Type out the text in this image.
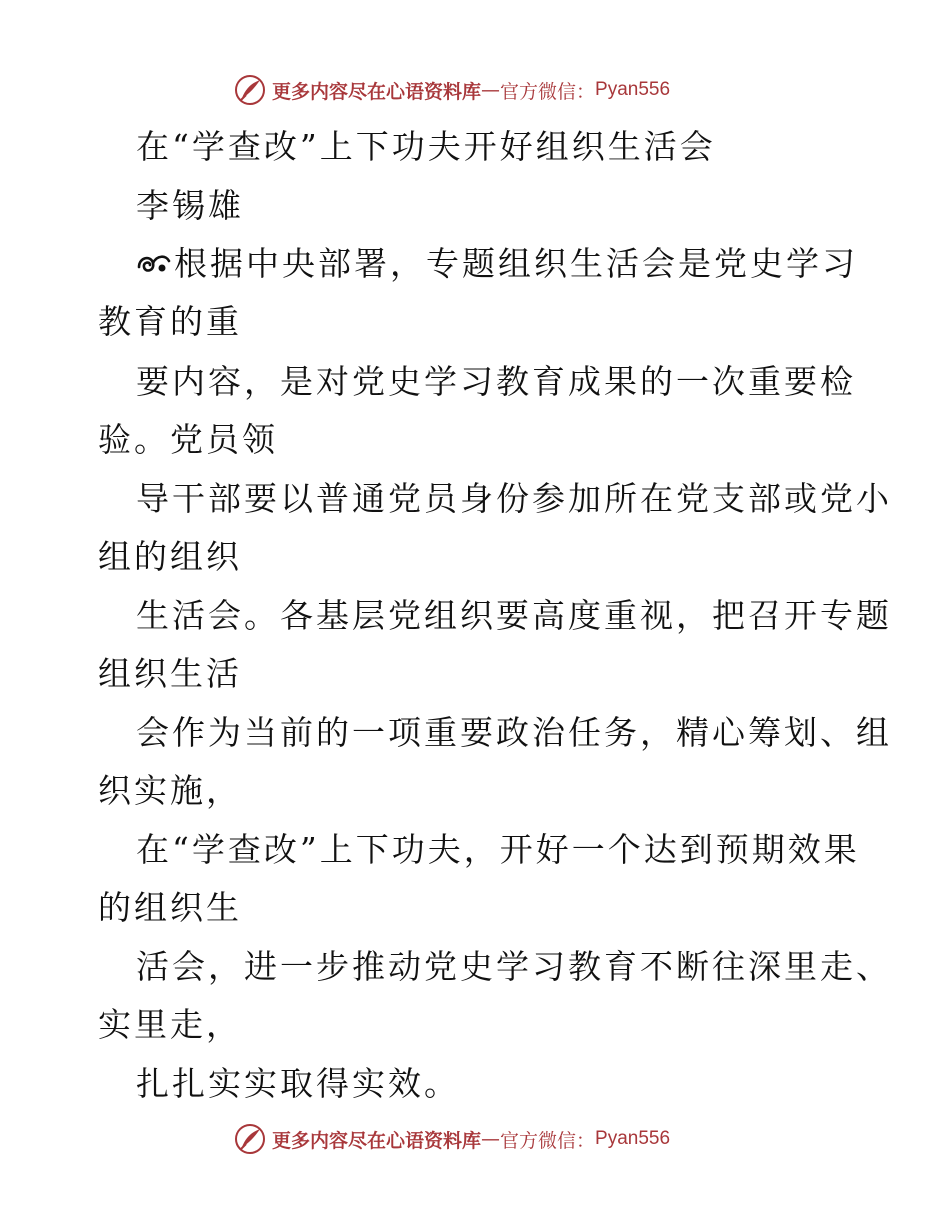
更多内容尽在心语资料库 — 官方微信： Pyan556
在“学查改”上下功夫开好组织生活会
李锡雄
根据中央部署，专题组织生活会是党史学习
教育的重
要内容，是对党史学习教育成果的一次重要检
验。党员领
导干部要以普通党员身份参加所在党支部或党小
组的组织
生活会。各基层党组织要高度重视，把召开专题
组织生活
会作为当前的一项重要政治任务，精心筹划、组
织实施，
在“学查改”上下功夫，开好一个达到预期效果
的组织生
活会，进一步推动党史学习教育不断往深里走、
实里走，
扎扎实实取得实效。
更多内容尽在心语资料库 — 官方微信： Pyan556
